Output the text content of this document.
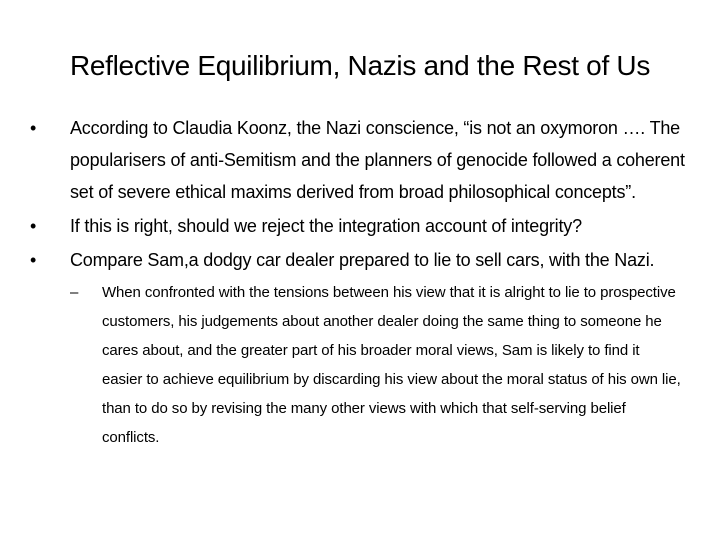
Reflective Equilibrium, Nazis and the Rest of Us
•	According to Claudia Koonz, the Nazi conscience, “is not an oxymoron …. The popularisers of anti-Semitism and the planners of genocide followed a coherent set of severe ethical maxims derived from broad philosophical concepts”.
•	If this is right, should we reject the integration account of integrity?
•	Compare Sam,a dodgy car dealer prepared to lie to sell cars, with the Nazi.
– When confronted with the tensions between his view that it is alright to lie to prospective customers, his judgements about another dealer doing the same thing to someone he cares about, and the greater part of his broader moral views, Sam is likely to find it easier to achieve equilibrium by discarding his view about the moral status of his own lie, than to do so by revising the many other views with which that self-serving belief conflicts.
